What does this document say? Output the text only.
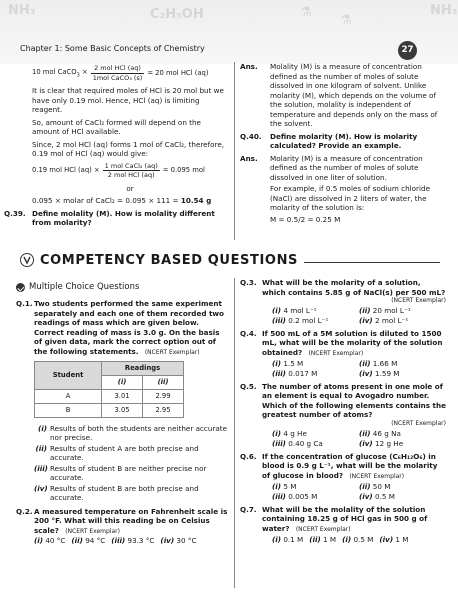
NH₃	C₂H₅OH	⚗
⚗
NH₃
Chapter 1: Some Basic Concepts of Chemistry	27
10 mol CaCO$_3$ × $\frac{\text{2 mol HCl (aq)}}{\text{1mol CaCO₃ (s)}} = 20$ mol HCl (aq)
It is clear that required moles of HCl is 20 mol but we have only 0.19 mol. Hence, HCl (aq) is limiting reagent.
So, amount of CaCl₂ formed will depend on the amount of HCl available.
Since, 2 mol HCl (aq) forms 1 mol of CaCl₂, therefore, 0.19 mol of HCl (aq) would give:
0.19 mol HCl $(aq) \times \frac{\text{1 mol CaCl₂ (aq)}}{\text{2 mol HCl (aq)}} = 0.095$ mol
or
0.095 × molar of CaCl₂ = 0.095 × 111 = 10.54 g
Q.39. Define molality (M). How is molality different from molarity?
Ans.	Molality (M) is a measure of concentration defined as the number of moles of solute dissolved in one kilogram of solvent. Unlike molarity (M), which depends on the volume of the solution, molality is independent of temperature and depends only on the mass of the solvent.
Q.40.	Define molarity (M). How is molarity calculated? Provide an example.
Ans.	Molarity (M) is a measure of concentration defined as the number of moles of solute dissolved in one liter of solution.
For example, if 0.5 moles of sodium chloride (NaCl) are dissolved in 2 liters of water, the molarity of the solution is:
M = 0.5/2 = 0.25 M
COMPETENCY BASED QUESTIONS
Multiple Choice Questions
Q.1. Two students performed the same experiment separately and each one of them recorded two readings of mass which are given below. Correct reading of mass is 3.0 g. On the basis of given data, mark the correct option out of the following statements. (NCERT Exemplar)
Student	Readings	
	(i)	(ii)
A	3.01	2.99
B	3.05	2.95
(i) Results of both the students are neither accurate nor precise.
(ii) Results of student A are both precise and accurate.
(iii) Results of student B are neither precise nor accurate.
(iv) Results of student B are both precise and accurate.
Q.2. A measured temperature on Fahrenheit scale is 200 °F. What will this reading be on Celsius scale? (NCERT Exemplar)
(i) 40 °C (ii) 94 °C (iii) 93.3 °C (iv) 30 °C
Q.3. What will be the molarity of a solution, which contains 5.85 g of NaCl(s) per 500 mL?
(NCERT Exemplar)
(i) 4 mol L⁻¹	(ii) 20 mol L⁻¹
(iii) 0.2 mol L⁻¹	(iv) 2 mol L⁻¹
Q.4. If 500 mL of a 5M solution is diluted to 1500 mL, what will be the molarity of the solution obtained? (NCERT Exemplar)
(i) 1.5 M	(ii) 1.66 M
(iii) 0.017 M	(iv) 1.59 M
Q.5. The number of atoms present in one mole of an element is equal to Avogadro number. Which of the following elements contains the greatest number of atoms?
(NCERT Exemplar)
(i) 4 g He	(ii) 46 g Na
(iii) 0.40 g Ca	(iv) 12 g He
Q.6. If the concentration of glucose (C₆H₁₂O₆) in blood is 0.9 g L⁻¹, what will be the molarity of glucose in blood? (NCERT Exemplar)
(i) 5 M	(ii) 50 M
(iii) 0.005 M	(iv) 0.5 M
Q.7. What will be the molality of the solution containing 18.25 g of HCl gas in 500 g of water? (NCERT Exemplar)
(i) 0.1 M (ii) 1 M (i) 0.5 M (iv) 1 M
